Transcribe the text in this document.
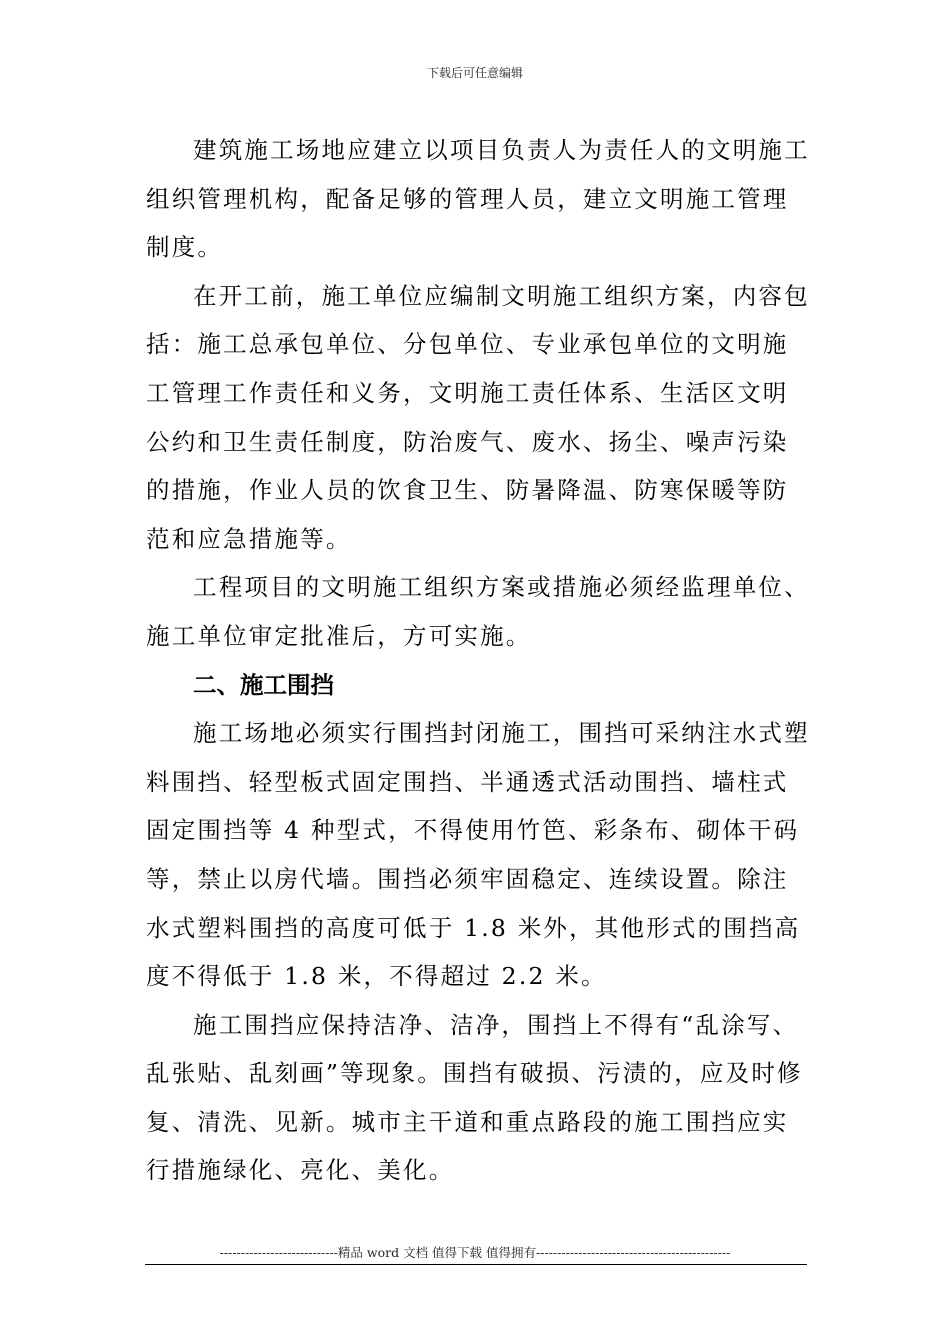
下载后可任意编辑

建筑施工场地应建立以项目负责人为责任人的文明施工组织管理机构，配备足够的管理人员，建立文明施工管理制度。

在开工前，施工单位应编制文明施工组织方案，内容包括：施工总承包单位、分包单位、专业承包单位的文明施工管理工作责任和义务，文明施工责任体系、生活区文明公约和卫生责任制度，防治废气、废水、扬尘、噪声污染的措施，作业人员的饮食卫生、防暑降温、防寒保暖等防范和应急措施等。

工程项目的文明施工组织方案或措施必须经监理单位、施工单位审定批准后，方可实施。

二、施工围挡

施工场地必须实行围挡封闭施工，围挡可采纳注水式塑料围挡、轻型板式固定围挡、半通透式活动围挡、墙柱式固定围挡等 4 种型式，不得使用竹笆、彩条布、砌体干码等，禁止以房代墙。围挡必须牢固稳定、连续设置。除注水式塑料围挡的高度可低于 1.8 米外，其他形式的围挡高度不得低于 1.8 米，不得超过 2.2 米。

施工围挡应保持洁净、洁净，围挡上不得有“乱涂写、乱张贴、乱刻画”等现象。围挡有破损、污渍的，应及时修复、清洗、见新。城市主干道和重点路段的施工围挡应实行措施绿化、亮化、美化。

----------------------------精品 word 文档 值得下载 值得拥有----------------------------------------------
